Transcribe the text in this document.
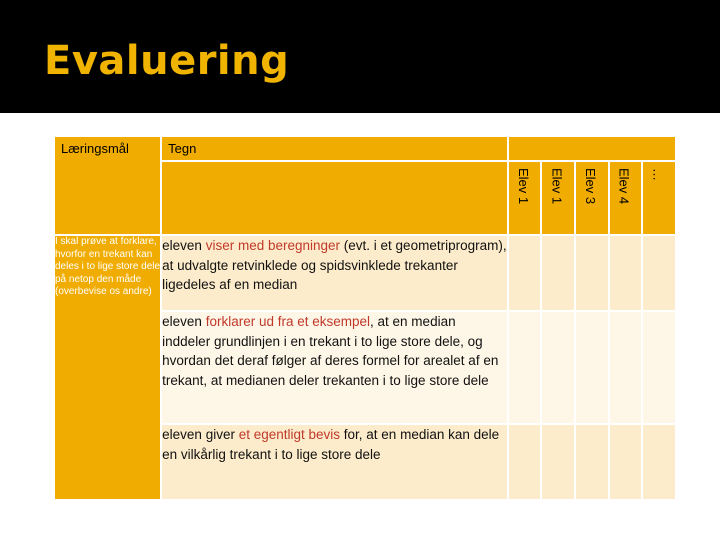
Evaluering
Læringsmål	Tegn					

		Elev 1	Elev 1	Elev 3	Elev 4	…

I skal prøve at forklare, hvorfor en trekant kan deles i to lige store dele på netop den måde (overbevise os andre)	eleven viser med beregninger (evt. i et geometriprogram), at udvalgte retvinklede og spidsvinklede trekanter ligedeles af en median					
	eleven forklarer ud fra et eksempel, at en median inddeler grundlinjen i en trekant i to lige store dele, og hvordan det deraf følger af deres formel for arealet af en trekant, at medianen deler trekanten i to lige store dele					
	eleven giver et egentligt bevis for, at en median kan dele en vilkårlig trekant i to lige store dele					
